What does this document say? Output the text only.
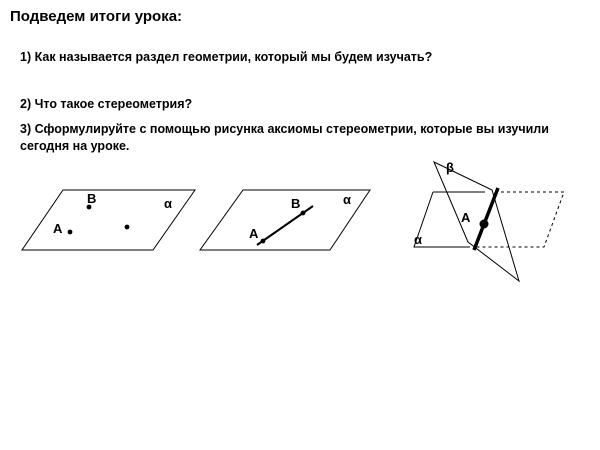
Подведем итоги урока:
1) Как называется раздел геометрии, который мы будем изучать?
2) Что такое стереометрия?
3) Сформулируйте с помощью рисунка аксиомы стереометрии, которые вы изучили сегодня на уроке.
B
A
α	B
A
α
β
A
α
